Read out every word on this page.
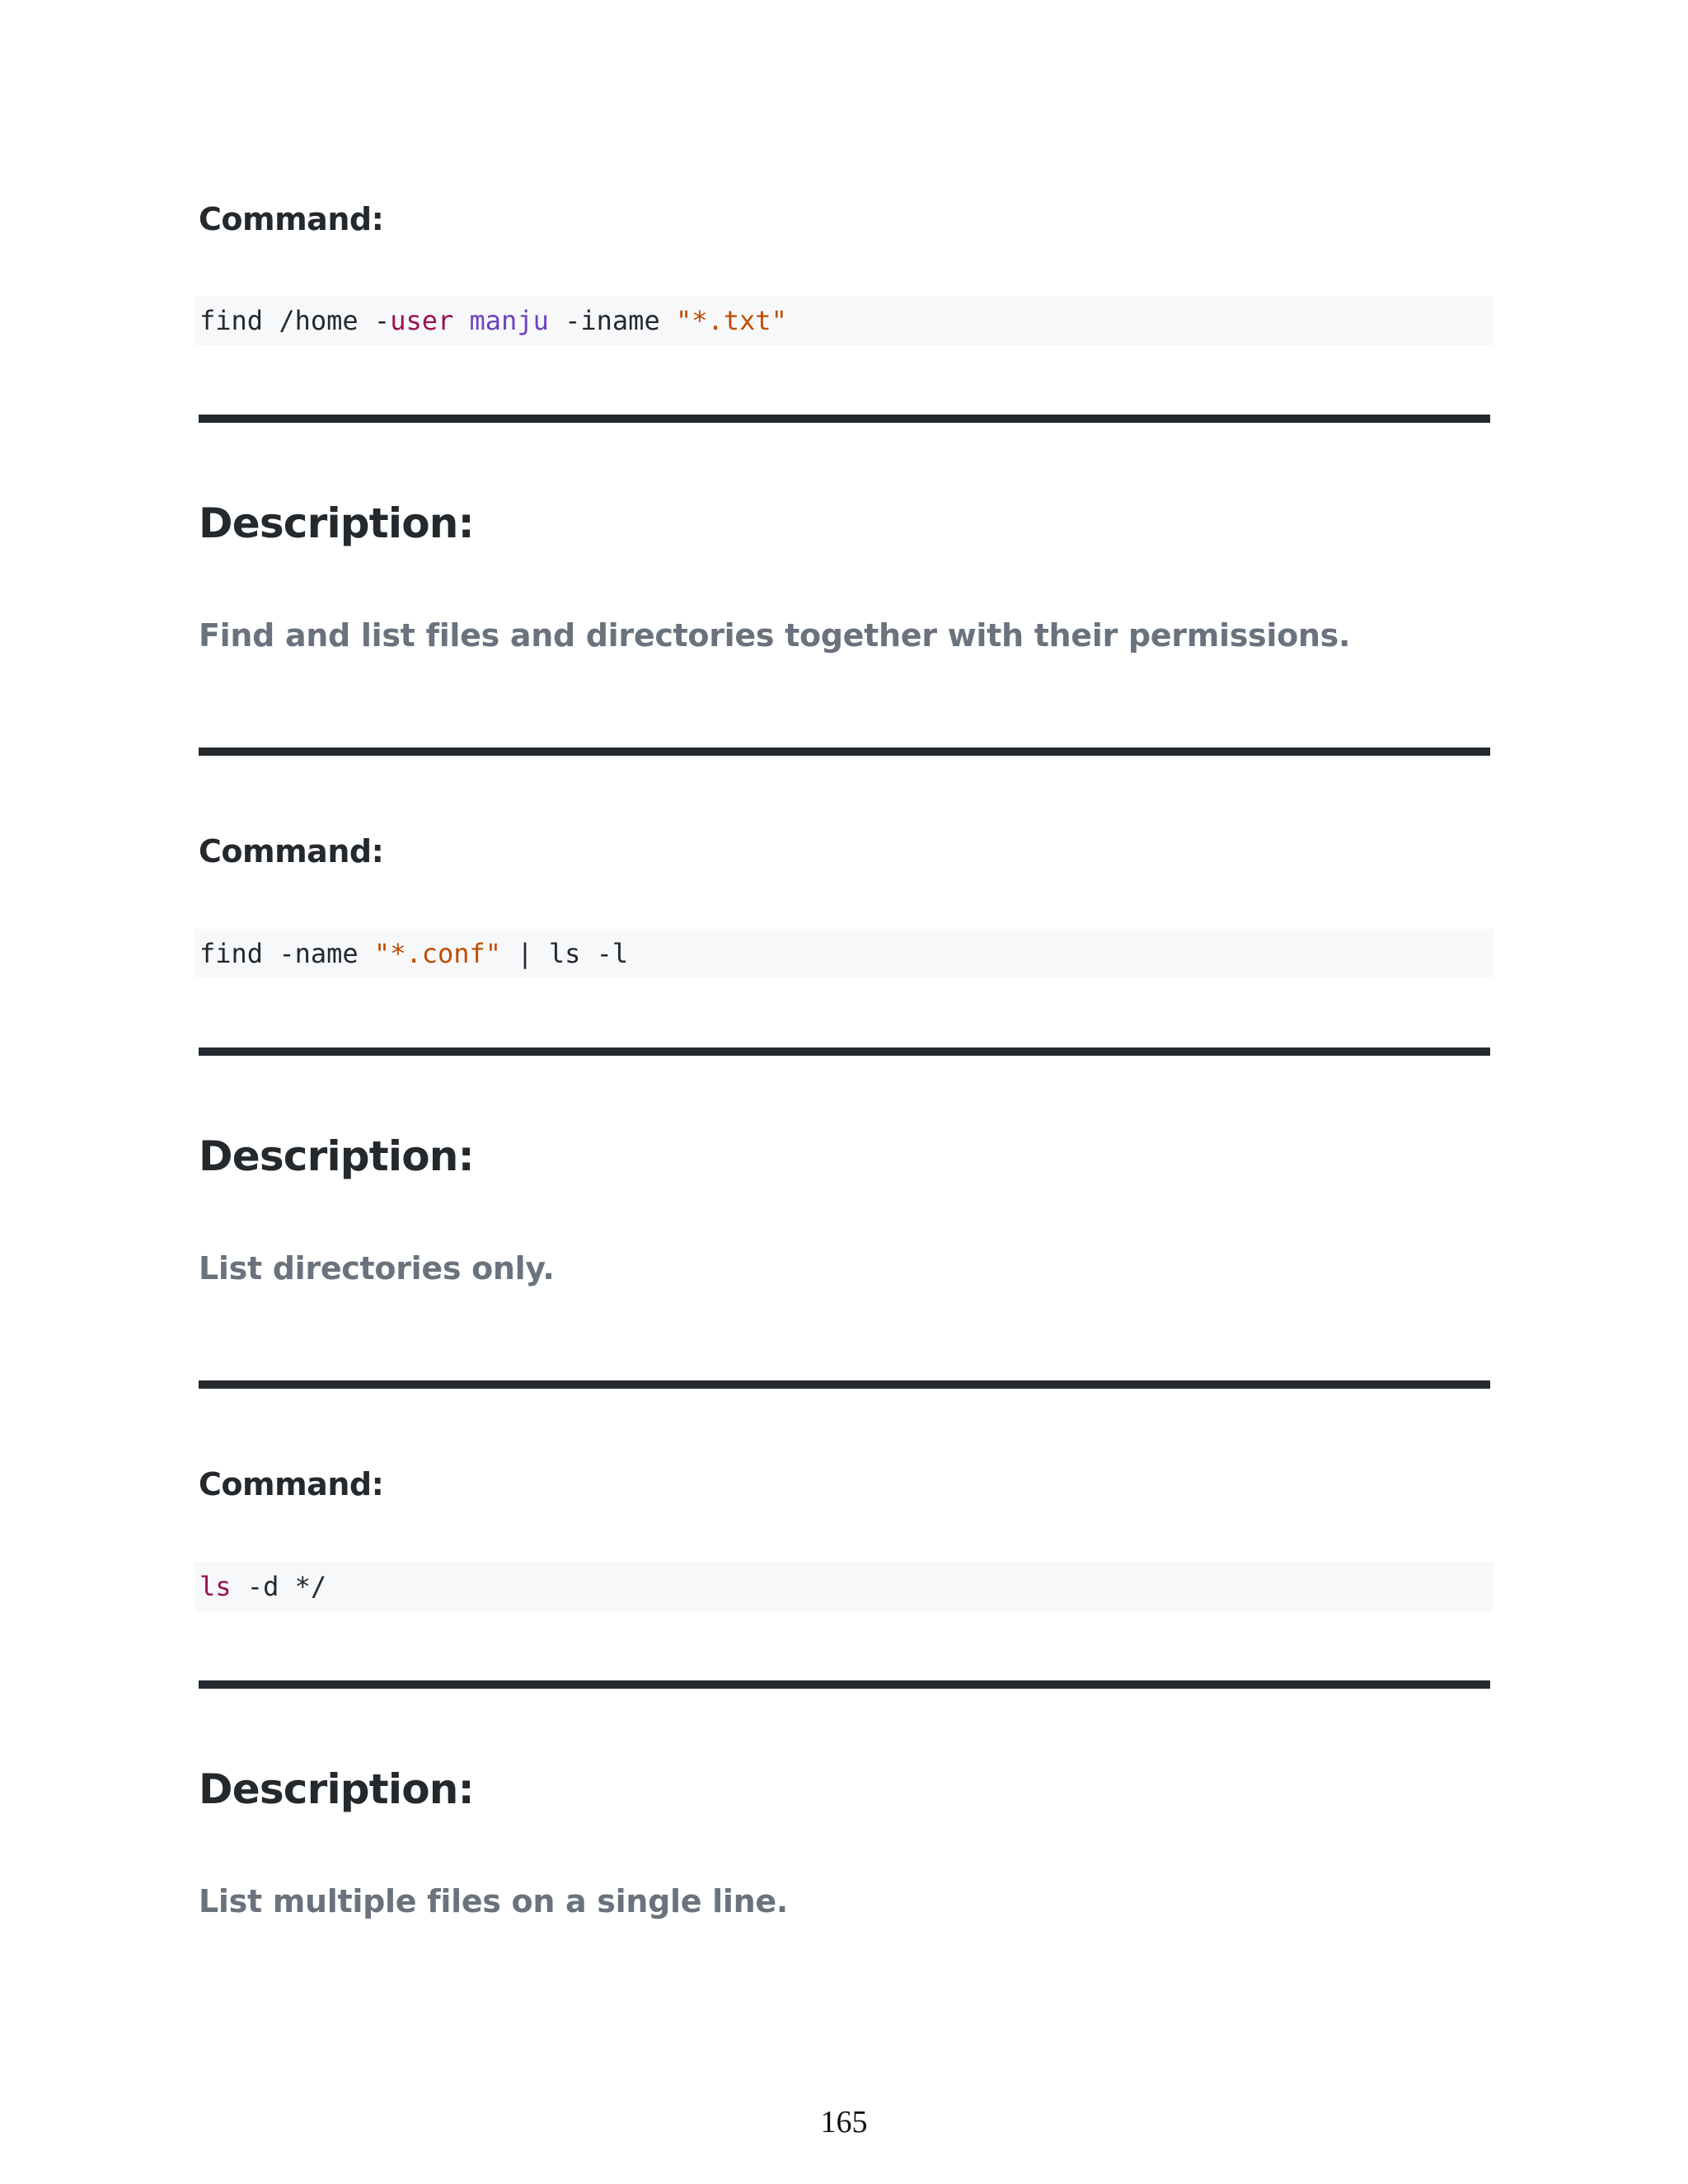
Command:
find /home -user manju -iname "*.txt"
Description:

Find and list files and directories together with their permissions.

Command:
find -name "*.conf" | ls -l
Description:

List directories only.

Command:
ls -d */
Description:

List multiple files on a single line.

165
